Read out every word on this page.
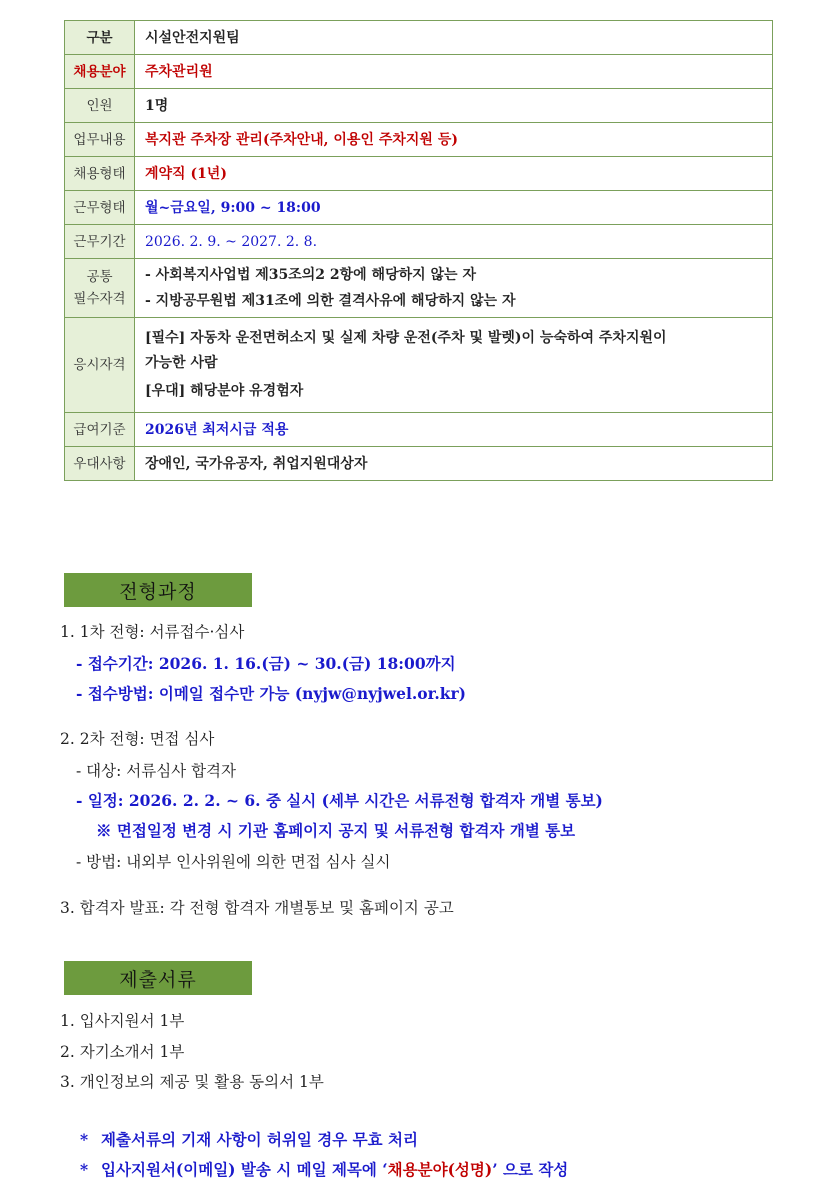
구분	시설안전지원팀
채용분야	주차관리원
인원	1명
업무내용	복지관 주차장 관리(주차안내, 이용인 주차지원 등)
채용형태	계약직 (1년)
근무형태	월~금요일, 9:00 ~ 18:00
근무기간	2026. 2. 9. ~ 2027. 2. 8.

공통
필수자격	- 사회복지사업법 제35조의2 2항에 해당하지 않는 자
- 지방공무원법 제31조에 의한 결격사유에 해당하지 않는 자

응시자격	[필수] 자동차 운전면허소지 및 실제 차량 운전(주차 및 발렛)이 능숙하여 주차지원이
가능한 사람
[우대] 해당분야 유경험자

급여기준	2026년 최저시급 적용
우대사항	장애인, 국가유공자, 취업지원대상자
전형과정
1. 1차 전형: 서류접수·심사
- 접수기간: 2026. 1. 16.(금) ~ 30.(금) 18:00까지
- 접수방법: 이메일 접수만 가능 (nyjw@nyjwel.or.kr)
2. 2차 전형: 면접 심사
- 대상: 서류심사 합격자
- 일정: 2026. 2. 2. ~ 6. 중 실시 (세부 시간은 서류전형 합격자 개별 통보)
※ 면접일정 변경 시 기관 홈페이지 공지 및 서류전형 합격자 개별 통보
- 방법: 내외부 인사위원에 의한 면접 심사 실시
3. 합격자 발표: 각 전형 합격자 개별통보 및 홈페이지 공고
제출서류
1. 입사지원서 1부
2. 자기소개서 1부
3. 개인정보의 제공 및 활용 동의서 1부
* 제출서류의 기재 사항이 허위일 경우 무효 처리
* 입사지원서(이메일) 발송 시 메일 제목에 ‘채용분야(성명)’ 으로 작성
